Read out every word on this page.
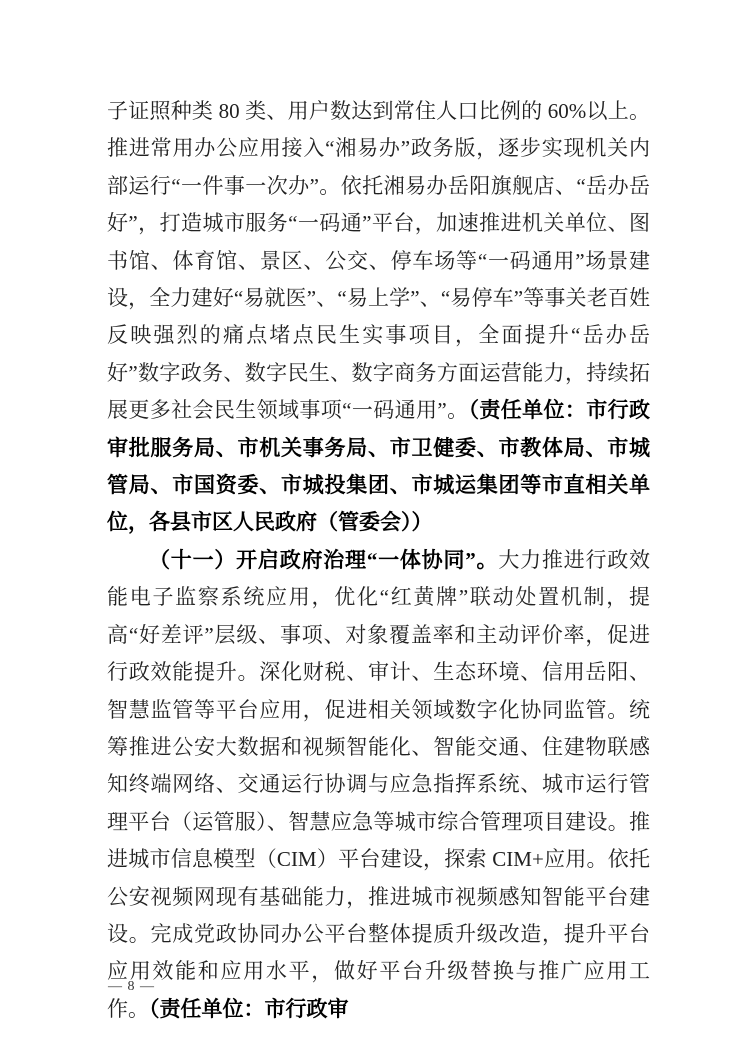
子证照种类 80 类、用户数达到常住人口比例的 60%以上。推进常用办公应用接入“湘易办”政务版，逐步实现机关内部运行“一件事一次办”。依托湘易办岳阳旗舰店、“岳办岳好”，打造城市服务“一码通”平台，加速推进机关单位、图书馆、体育馆、景区、公交、停车场等“一码通用”场景建设，全力建好“易就医”、“易上学”、“易停车”等事关老百姓反映强烈的痛点堵点民生实事项目，全面提升“岳办岳好”数字政务、数字民生、数字商务方面运营能力，持续拓展更多社会民生领域事项“一码通用”。（责任单位：市行政审批服务局、市机关事务局、市卫健委、市教体局、市城管局、市国资委、市城投集团、市城运集团等市直相关单位，各县市区人民政府（管委会））

（十一）开启政府治理“一体协同”。大力推进行政效能电子监察系统应用，优化“红黄牌”联动处置机制，提高“好差评”层级、事项、对象覆盖率和主动评价率，促进行政效能提升。深化财税、审计、生态环境、信用岳阳、智慧监管等平台应用，促进相关领域数字化协同监管。统筹推进公安大数据和视频智能化、智能交通、住建物联感知终端网络、交通运行协调与应急指挥系统、城市运行管理平台（运管服）、智慧应急等城市综合管理项目建设。推进城市信息模型（CIM）平台建设，探索 CIM+应用。依托公安视频网现有基础能力，推进城市视频感知智能平台建设。完成党政协同办公平台整体提质升级改造，提升平台应用效能和应用水平，做好平台升级替换与推广应用工作。（责任单位：市行政审

— 8 —
